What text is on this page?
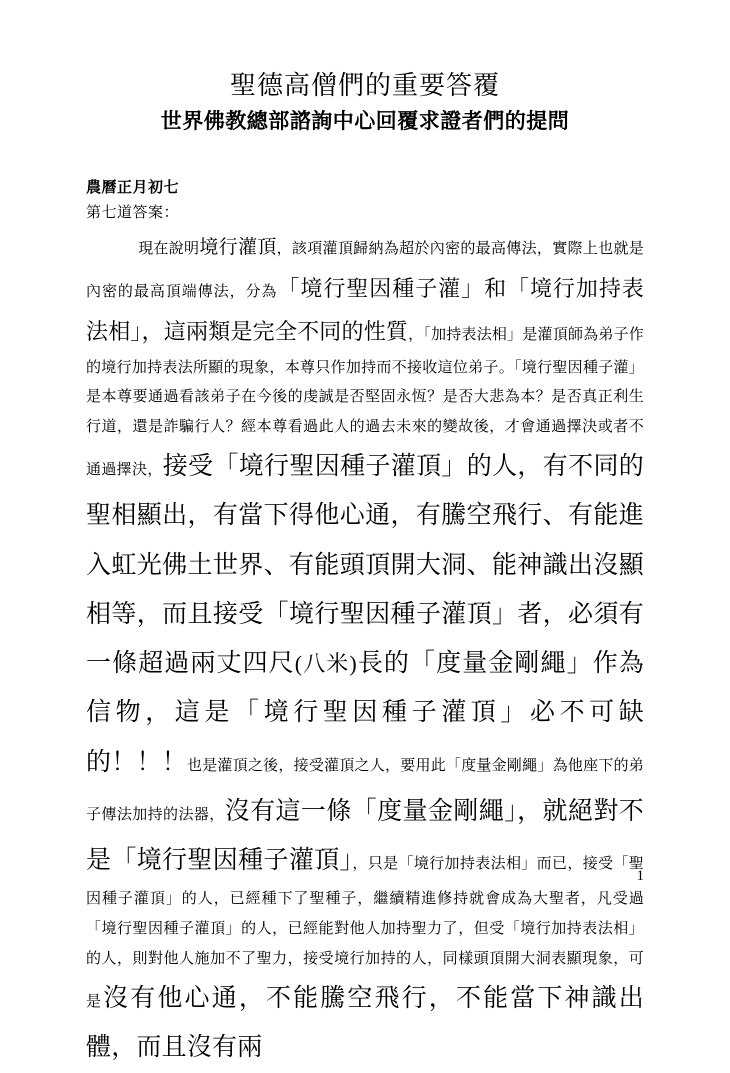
聖德高僧們的重要答覆
世界佛教總部諮詢中心回覆求證者們的提問
農曆正月初七
第七道答案：

現在說明境行灌頂，該項灌頂歸納為超於內密的最高傳法，實際上也就是內密的最高頂端傳法，分為「境行聖因種子灌」和「境行加持表法相」，這兩類是完全不同的性質，「加持表法相」是灌頂師為弟子作的境行加持表法所顯的現象，本尊只作加持而不接收這位弟子。「境行聖因種子灌」是本尊要通過看該弟子在今後的虔誠是否堅固永恆？是否大悲為本？是否真正利生行道，還是詐騙行人？經本尊看過此人的過去未來的變故後，才會通過擇決或者不通過擇決，接受「境行聖因種子灌頂」的人，有不同的聖相顯出，有當下得他心通，有騰空飛行、有能進入虹光佛土世界、有能頭頂開大洞、能神識出沒顯相等，而且接受「境行聖因種子灌頂」者，必須有一條超過兩丈四尺(八米)長的「度量金剛繩」作為信物，這是「境行聖因種子灌頂」必不可缺的！！！也是灌頂之後，接受灌頂之人，要用此「度量金剛繩」為他座下的弟子傳法加持的法器，沒有這一條「度量金剛繩」，就絕對不是「境行聖因種子灌頂」，只是「境行加持表法相」而已，接受「聖因種子灌頂」的人，已經種下了聖種子，繼續精進修持就會成為大聖者，凡受過「境行聖因種子灌頂」的人，已經能對他人加持聖力了，但受「境行加持表法相」的人，則對他人施加不了聖力，接受境行加持的人，同樣頭頂開大洞表顯現象，可是沒有他心通，不能騰空飛行，不能當下神識出體，而且沒有兩

1
